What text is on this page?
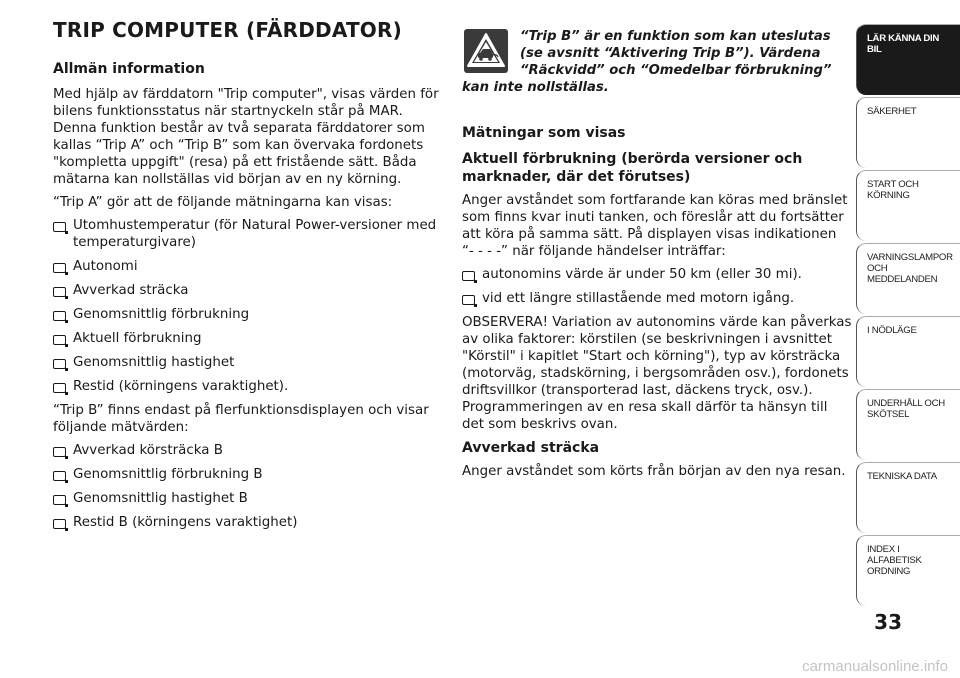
TRIP COMPUTER (FÄRDDATOR)
Allmän information

Med hjälp av färddatorn "Trip computer", visas värden för bilens funktionsstatus när startnyckeln står på MAR. Denna funktion består av två separata färddatorer som kallas “Trip A” och “Trip B” som kan övervaka fordonets "kompletta uppgift" (resa) på ett fristående sätt. Båda mätarna kan nollställas vid början av en ny körning.

“Trip A” gör att de följande mätningarna kan visas:

Utomhustemperatur (för Natural Power-versioner med temperaturgivare)
Autonomi
Avverkad sträcka
Genomsnittlig förbrukning
Aktuell förbrukning
Genomsnittlig hastighet
Restid (körningens varaktighet).

“Trip B” finns endast på flerfunktionsdisplayen och visar följande mätvärden:

Avverkad körsträcka B
Genomsnittlig förbrukning B
Genomsnittlig hastighet B
Restid B (körningens varaktighet)

“Trip B” är en funktion som kan uteslutas
(se avsnitt “Aktivering Trip B”). Värdena
“Räckvidd” och “Omedelbar förbrukning”
kan inte nollställas.

Mätningar som visas

Aktuell förbrukning (berörda versioner och marknader, där det förutses)

Anger avståndet som fortfarande kan köras med bränslet som finns kvar inuti tanken, och föreslår att du fortsätter att köra på samma sätt. På displayen visas indikationen “- - - -” när följande händelser inträffar:

autonomins värde är under 50 km (eller 30 mi).
vid ett längre stillastående med motorn igång.

OBSERVERA! Variation av autonomins värde kan påverkas av olika faktorer: körstilen (se beskrivningen i avsnittet "Körstil" i kapitlet "Start och körning"), typ av körsträcka (motorväg, stadskörning, i bergsområden osv.), fordonets driftsvillkor (transporterad last, däckens tryck, osv.). Programmeringen av en resa skall därför ta hänsyn till det som beskrivs ovan.

Avverkad sträcka

Anger avståndet som körts från början av den nya resan.

LÄR KÄNNA DIN BIL
SÄKERHET
START OCH KÖRNING
VARNINGSLAMPOR OCH MEDDELANDEN
I NÖDLÄGE
UNDERHÅLL OCH SKÖTSEL
TEKNISKA DATA
INDEX I ALFABETISK ORDNING
33
carmanualsonline.info
